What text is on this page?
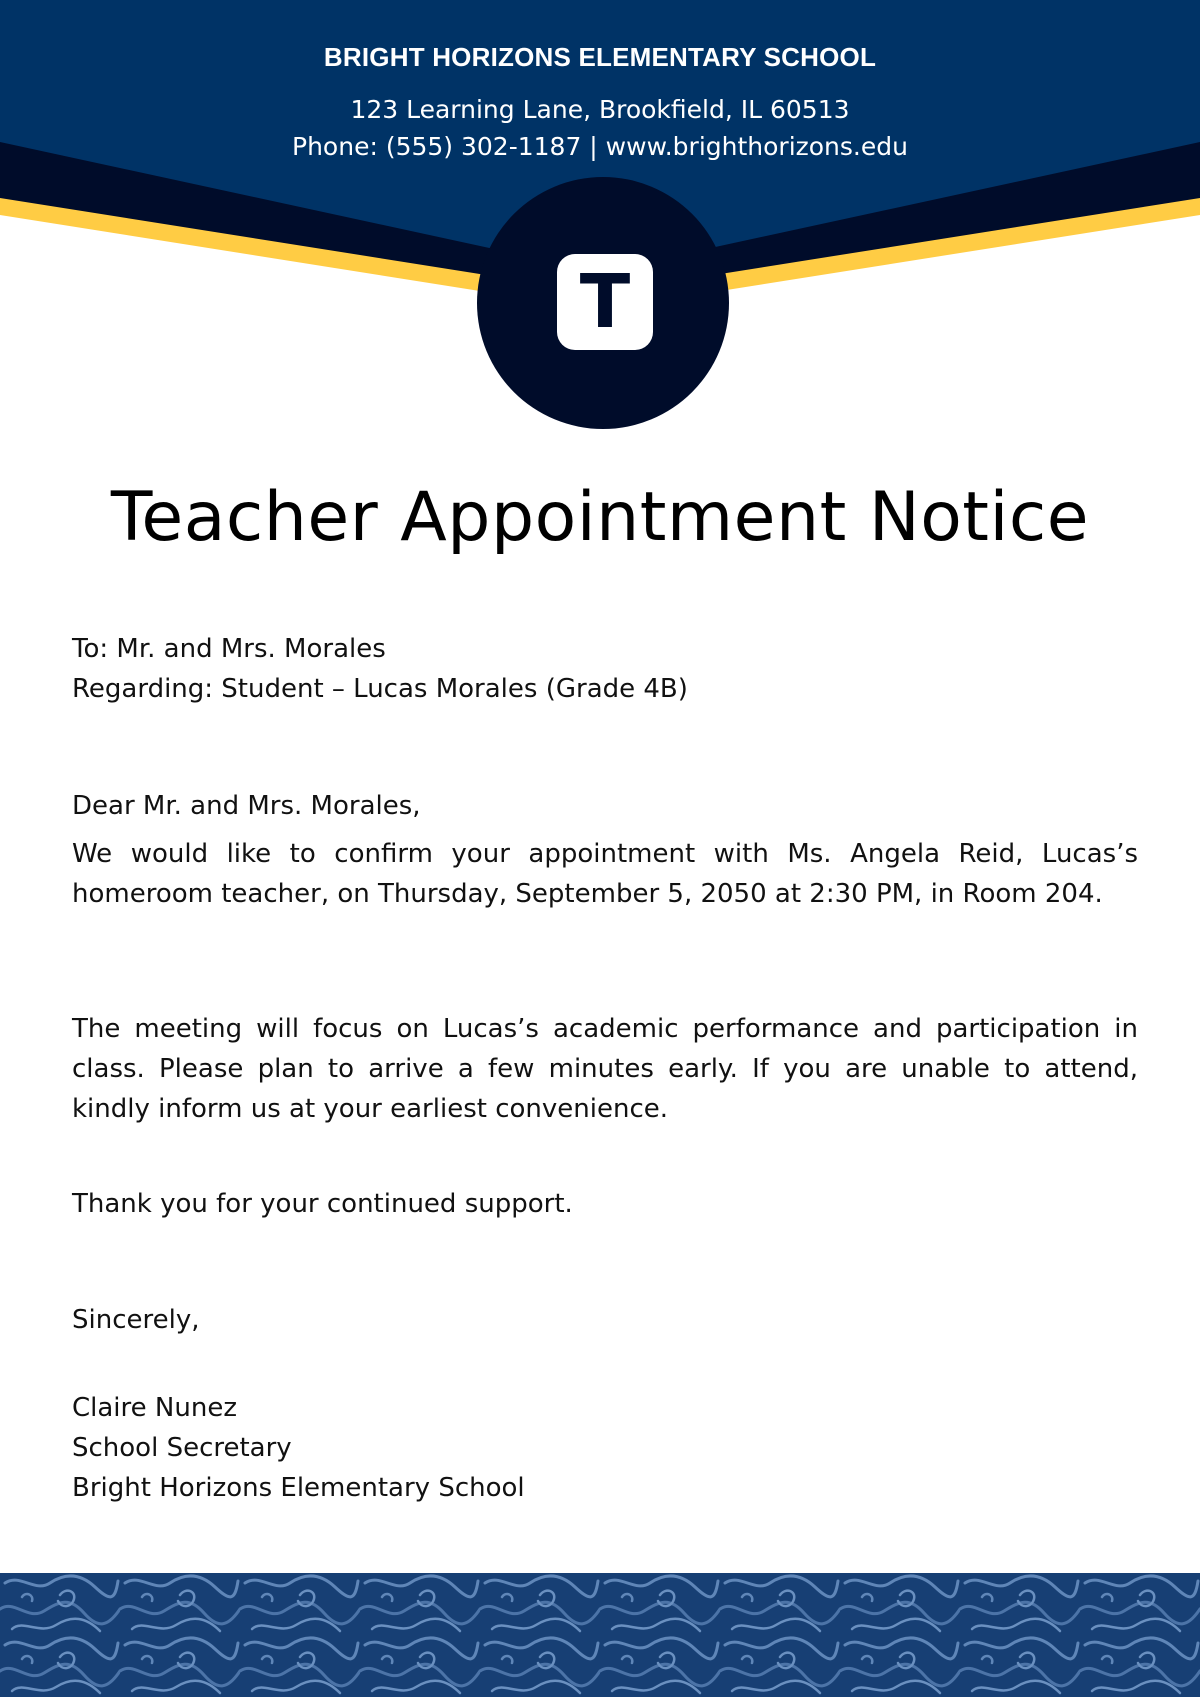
BRIGHT HORIZONS ELEMENTARY SCHOOL

123 Learning Lane, Brookfield, IL 60513

Phone: (555) 302-1187 | www.brighthorizons.edu

T
Teacher Appointment Notice

To: Mr. and Mrs. Morales

Regarding: Student – Lucas Morales (Grade 4B)

Dear Mr. and Mrs. Morales,

We would like to confirm your appointment with Ms. Angela Reid, Lucas’s homeroom teacher, on Thursday, September 5, 2050 at 2:30 PM, in Room 204.

The meeting will focus on Lucas’s academic performance and participation in class. Please plan to arrive a few minutes early. If you are unable to attend, kindly inform us at your earliest convenience.

Thank you for your continued support.

Sincerely,

Claire Nunez

School Secretary

Bright Horizons Elementary School
